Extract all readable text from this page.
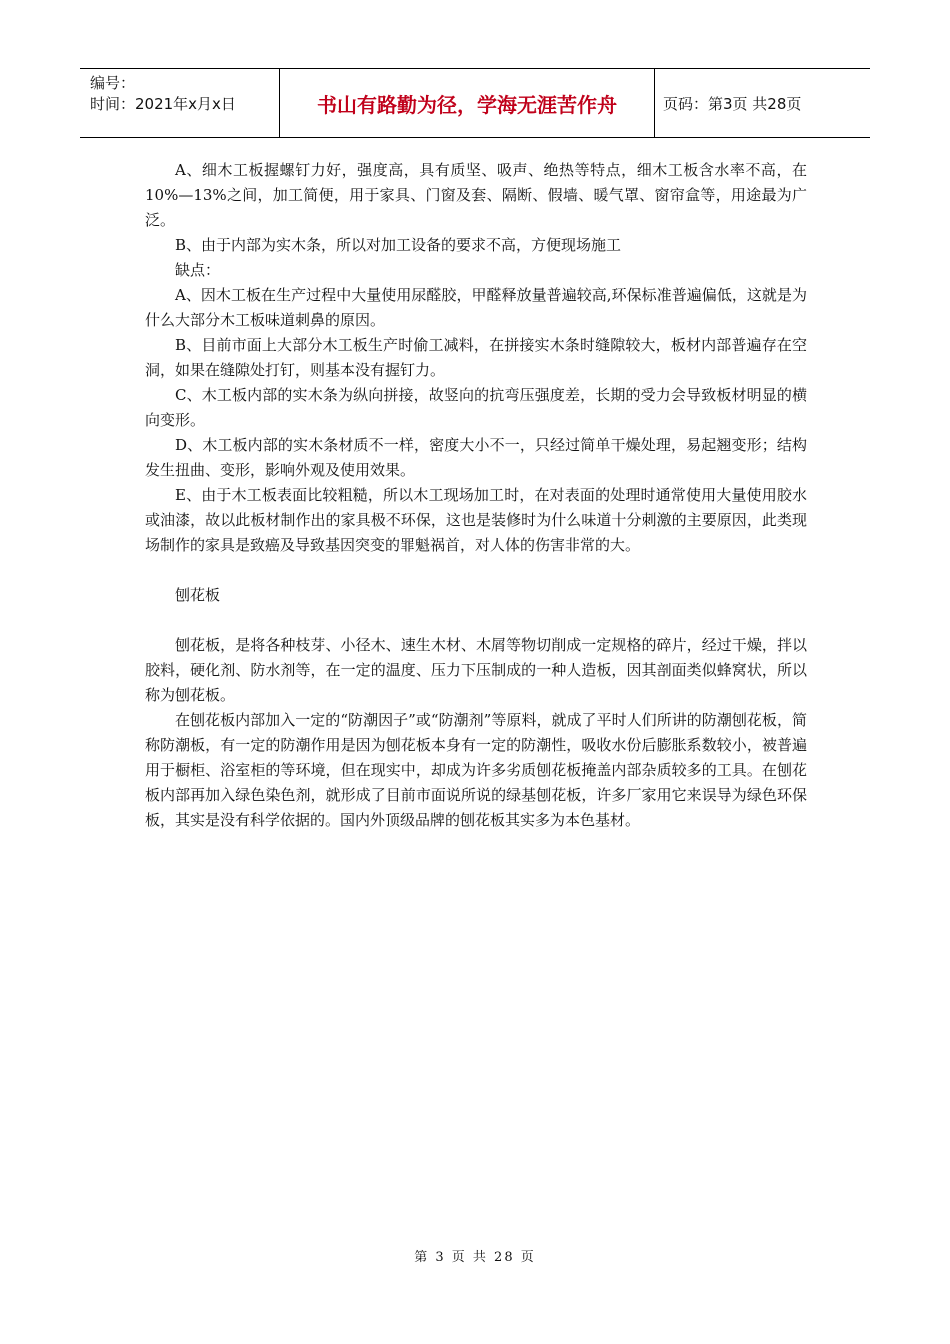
编号：
时间：2021年x月x日	书山有路勤为径，学海无涯苦作舟	页码：第3页 共28页

A、细木工板握螺钉力好，强度高，具有质坚、吸声、绝热等特点，细木工板含水率不高，在10%—13%之间，加工简便，用于家具、门窗及套、隔断、假墙、暖气罩、窗帘盒等，用途最为广泛。

B、由于内部为实木条，所以对加工设备的要求不高，方便现场施工

缺点：

A、因木工板在生产过程中大量使用尿醛胶，甲醛释放量普遍较高,环保标准普遍偏低，这就是为什么大部分木工板味道刺鼻的原因。

B、目前市面上大部分木工板生产时偷工减料，在拼接实木条时缝隙较大，板材内部普遍存在空洞，如果在缝隙处打钉，则基本没有握钉力。

C、木工板内部的实木条为纵向拼接，故竖向的抗弯压强度差，长期的受力会导致板材明显的横向变形。

D、木工板内部的实木条材质不一样，密度大小不一，只经过简单干燥处理，易起翘变形；结构发生扭曲、变形，影响外观及使用效果。

E、由于木工板表面比较粗糙，所以木工现场加工时，在对表面的处理时通常使用大量使用胶水或油漆，故以此板材制作出的家具极不环保，这也是装修时为什么味道十分刺激的主要原因，此类现场制作的家具是致癌及导致基因突变的罪魁祸首，对人体的伤害非常的大。

刨花板

刨花板，是将各种枝芽、小径木、速生木材、木屑等物切削成一定规格的碎片，经过干燥，拌以胶料，硬化剂、防水剂等，在一定的温度、压力下压制成的一种人造板，因其剖面类似蜂窝状，所以称为刨花板。

在刨花板内部加入一定的“防潮因子”或“防潮剂”等原料，就成了平时人们所讲的防潮刨花板，简称防潮板，有一定的防潮作用是因为刨花板本身有一定的防潮性，吸收水份后膨胀系数较小，被普遍用于橱柜、浴室柜的等环境，但在现实中，却成为许多劣质刨花板掩盖内部杂质较多的工具。在刨花板内部再加入绿色染色剂，就形成了目前市面说所说的绿基刨花板，许多厂家用它来误导为绿色环保板，其实是没有科学依据的。国内外顶级品牌的刨花板其实多为本色基材。

第 3 页 共 28 页
